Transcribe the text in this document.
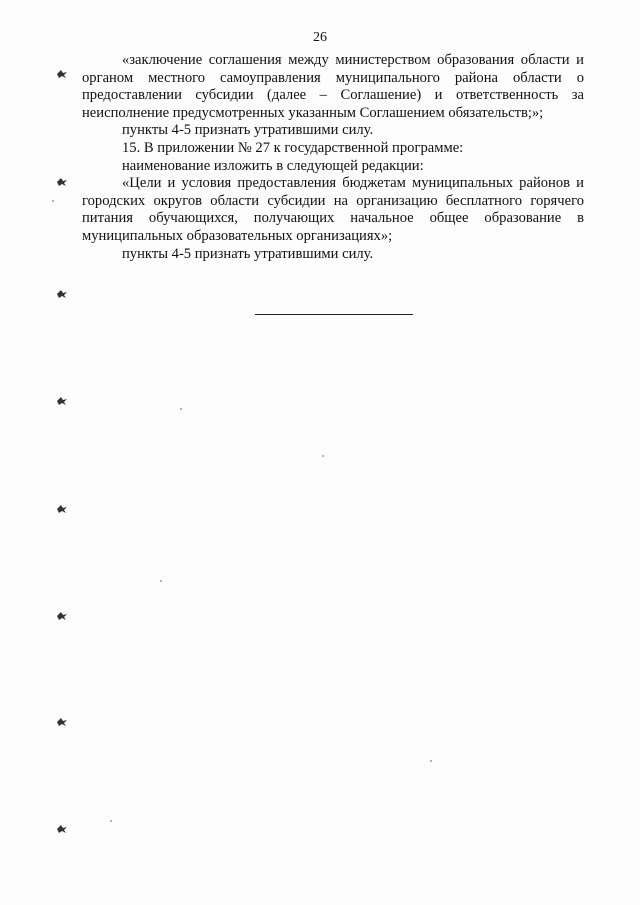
26

«заключение соглашения между министерством образования области и органом местного самоуправления муниципального района области о предоставлении субсидии (далее – Соглашение) и ответственность за неисполнение предусмотренных указанным Соглашением обязательств;»;

пункты 4-5 признать утратившими силу.

15. В приложении № 27 к государственной программе:

наименование изложить в следующей редакции:

«Цели и условия предоставления бюджетам муниципальных районов и городских округов области субсидии на организацию бесплатного горячего питания обучающихся, получающих начальное общее образование в муниципальных образовательных организациях»;

пункты 4-5 признать утратившими силу.
